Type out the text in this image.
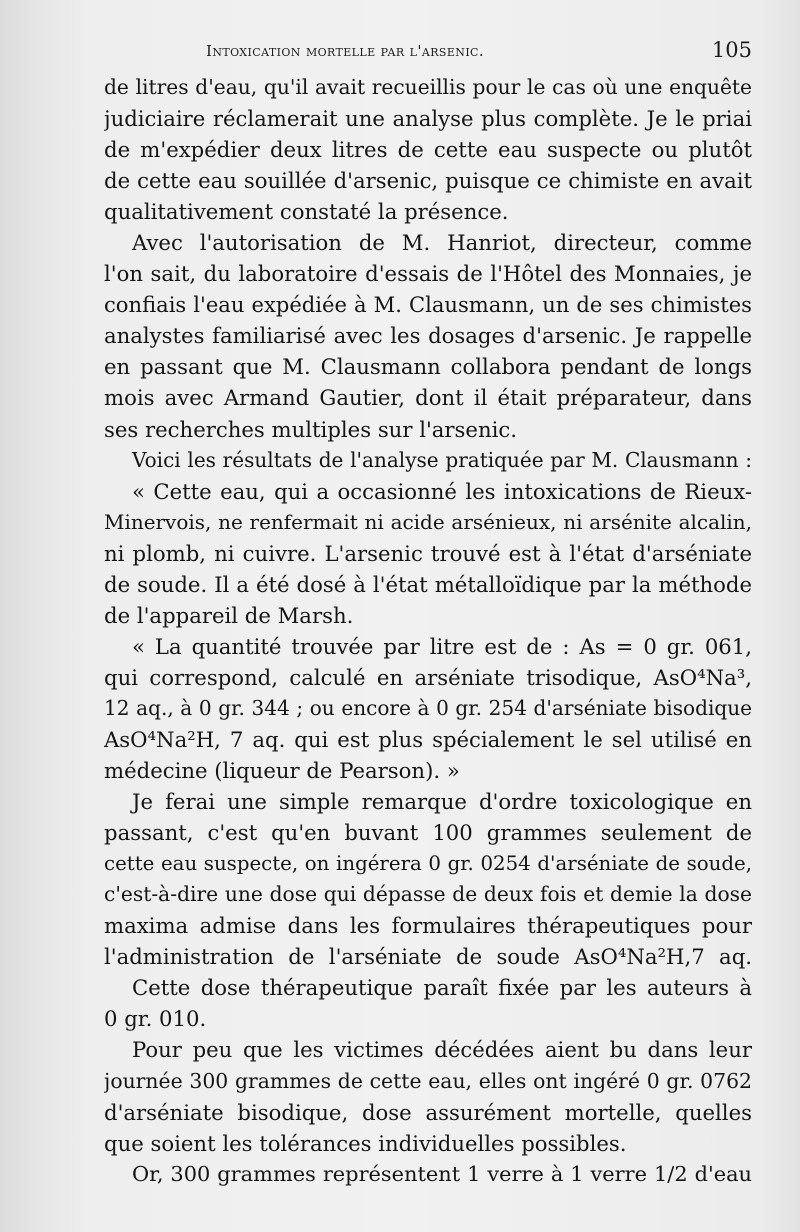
Intoxication mortelle par l'arsenic.	105
de litres d'eau, qu'il avait recueillis pour le cas où une enquête
judiciaire réclamerait une analyse plus complète. Je le priai
de m'expédier deux litres de cette eau suspecte ou plutôt
de cette eau souillée d'arsenic, puisque ce chimiste en avait
qualitativement constaté la présence.
Avec l'autorisation de M. Hanriot, directeur, comme
l'on sait, du laboratoire d'essais de l'Hôtel des Monnaies, je
confiais l'eau expédiée à M. Clausmann, un de ses chimistes
analystes familiarisé avec les dosages d'arsenic. Je rappelle
en passant que M. Clausmann collabora pendant de longs
mois avec Armand Gautier, dont il était préparateur, dans
ses recherches multiples sur l'arsenic.
Voici les résultats de l'analyse pratiquée par M. Clausmann :
« Cette eau, qui a occasionné les intoxications de Rieux-
Minervois, ne renfermait ni acide arsénieux, ni arsénite alcalin,
ni plomb, ni cuivre. L'arsenic trouvé est à l'état d'arséniate
de soude. Il a été dosé à l'état métalloïdique par la méthode
de l'appareil de Marsh.
« La quantité trouvée par litre est de : As = 0 gr. 061,
qui correspond, calculé en arséniate trisodique, AsO⁴Na³,
12 aq., à 0 gr. 344 ; ou encore à 0 gr. 254 d'arséniate bisodique
AsO⁴Na²H, 7 aq. qui est plus spécialement le sel utilisé en
médecine (liqueur de Pearson). »
Je ferai une simple remarque d'ordre toxicologique en
passant, c'est qu'en buvant 100 grammes seulement de
cette eau suspecte, on ingérera 0 gr. 0254 d'arséniate de soude,
c'est-à-dire une dose qui dépasse de deux fois et demie la dose
maxima admise dans les formulaires thérapeutiques pour
l'administration de l'arséniate de soude AsO⁴Na²H,7 aq.
Cette dose thérapeutique paraît fixée par les auteurs à
0 gr. 010.
Pour peu que les victimes décédées aient bu dans leur
journée 300 grammes de cette eau, elles ont ingéré 0 gr. 0762
d'arséniate bisodique, dose assurément mortelle, quelles
que soient les tolérances individuelles possibles.
Or, 300 grammes représentent 1 verre à 1 verre 1/2 d'eau
